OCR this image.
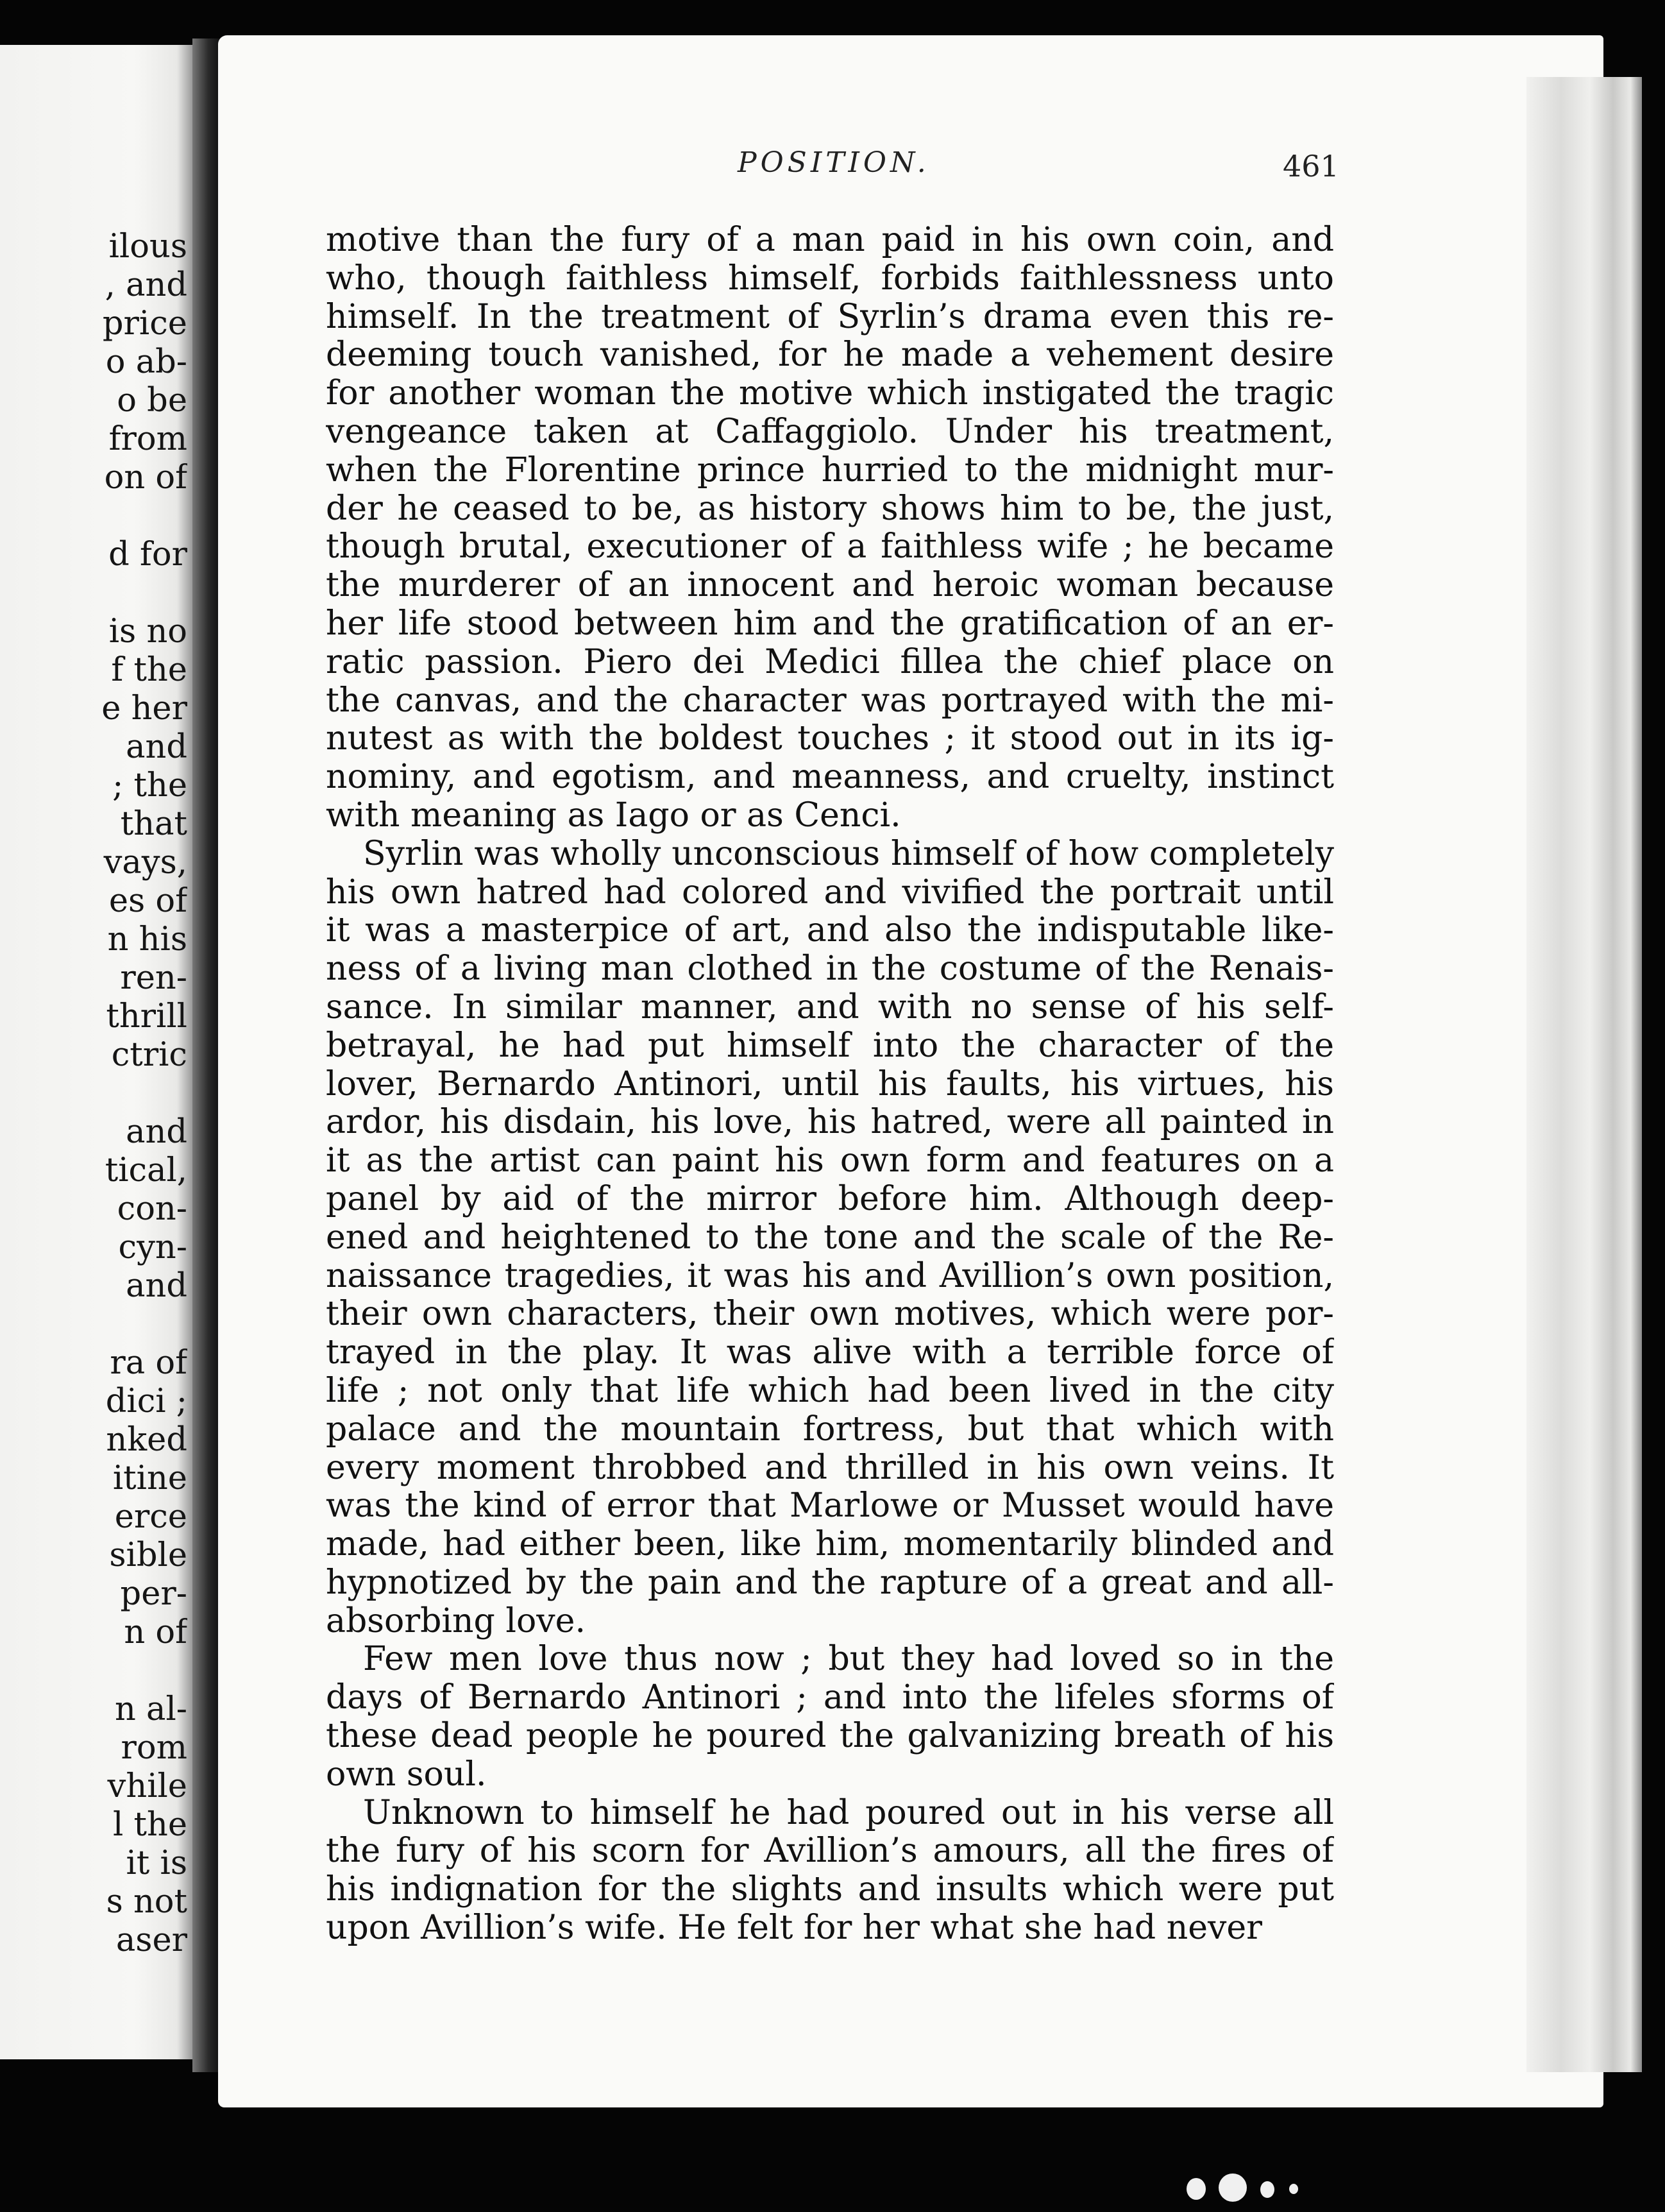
ilous
, and
price
o ab-
o be
from
on of
d for
is no
f the
e her
and
; the
that
vays,
es of
n his
ren-
thrill
ctric
and
tical,
con-
cyn-
and
ra of
dici ;
nked
itine
erce
sible
per-
n of
n al-
rom
vhile
l the
it is
s not
aser
POSITION.	461
motive than the fury of a man paid in his own coin, and
who, though faithless himself, forbids faithlessness unto
himself. In the treatment of Syrlin’s drama even this re-
deeming touch vanished, for he made a vehement desire
for another woman the motive which instigated the tragic
vengeance taken at Caffaggiolo. Under his treatment,
when the Florentine prince hurried to the midnight mur-
der he ceased to be, as history shows him to be, the just,
though brutal, executioner of a faithless wife ; he became
the murderer of an innocent and heroic woman because
her life stood between him and the gratification of an er-
ratic passion. Piero dei Medici fillea the chief place on
the canvas, and the character was portrayed with the mi-
nutest as with the boldest touches ; it stood out in its ig-
nominy, and egotism, and meanness, and cruelty, instinct
with meaning as Iago or as Cenci.
Syrlin was wholly unconscious himself of how completely
his own hatred had colored and vivified the portrait until
it was a masterpice of art, and also the indisputable like-
ness of a living man clothed in the costume of the Renais-
sance. In similar manner, and with no sense of his self-
betrayal, he had put himself into the character of the
lover, Bernardo Antinori, until his faults, his virtues, his
ardor, his disdain, his love, his hatred, were all painted in
it as the artist can paint his own form and features on a
panel by aid of the mirror before him. Although deep-
ened and heightened to the tone and the scale of the Re-
naissance tragedies, it was his and Avillion’s own position,
their own characters, their own motives, which were por-
trayed in the play. It was alive with a terrible force of
life ; not only that life which had been lived in the city
palace and the mountain fortress, but that which with
every moment throbbed and thrilled in his own veins. It
was the kind of error that Marlowe or Musset would have
made, had either been, like him, momentarily blinded and
hypnotized by the pain and the rapture of a great and all-
absorbing love.
Few men love thus now ; but they had loved so in the
days of Bernardo Antinori ; and into the lifeles sforms of
these dead people he poured the galvanizing breath of his
own soul.
Unknown to himself he had poured out in his verse all
the fury of his scorn for Avillion’s amours, all the fires of
his indignation for the slights and insults which were put
upon Avillion’s wife. He felt for her what she had never
